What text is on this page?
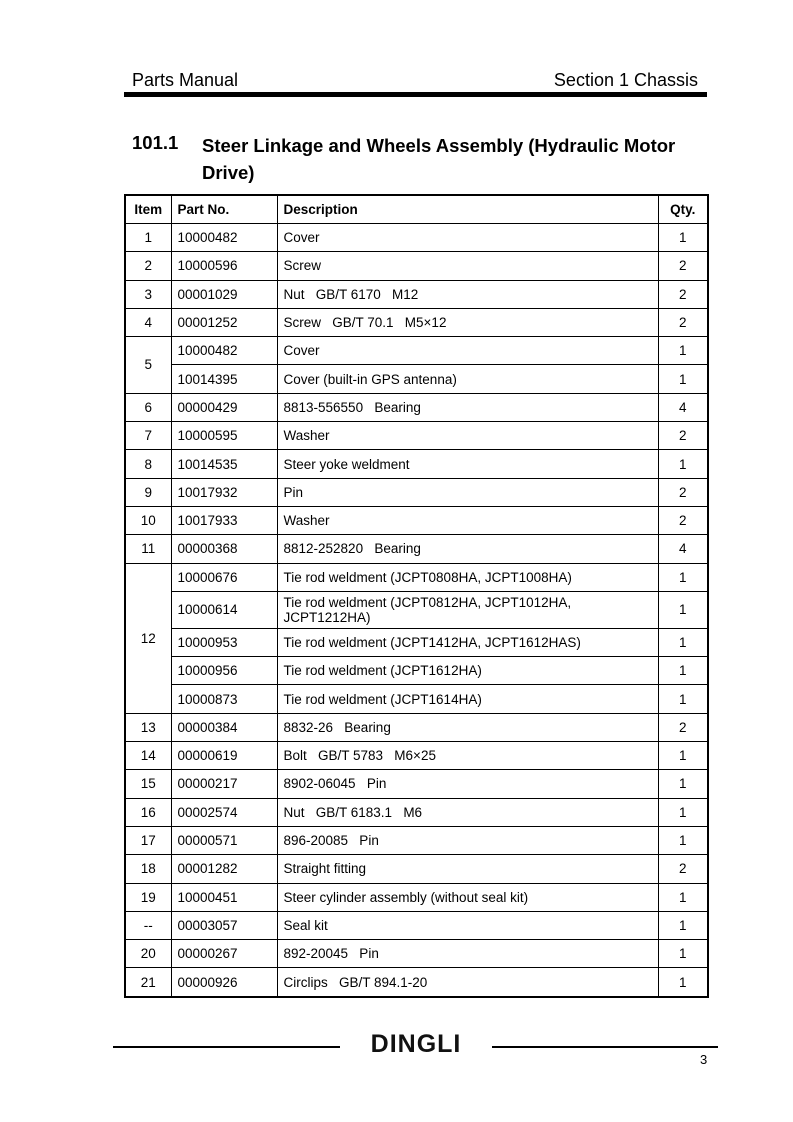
Parts Manual	Section 1 Chassis
101.1 Steer Linkage and Wheels Assembly (Hydraulic Motor Drive)
Item	Part No.	Description	Qty.
1	10000482	Cover	1
2	10000596	Screw	2
3	00001029	Nut   GB/T 6170   M12	2
4	00001252	Screw   GB/T 70.1   M5×12	2
5	10000482	Cover	1
	10014395	Cover (built-in GPS antenna)	1
6	00000429	8813-556550   Bearing	4
7	10000595	Washer	2
8	10014535	Steer yoke weldment	1
9	10017932	Pin	2
10	10017933	Washer	2
11	00000368	8812-252820   Bearing	4
12	10000676	Tie rod weldment (JCPT0808HA, JCPT1008HA)	1
	10000614	Tie rod weldment (JCPT0812HA, JCPT1012HA, JCPT1212HA)	1
	10000953	Tie rod weldment (JCPT1412HA, JCPT1612HAS)	1
	10000956	Tie rod weldment (JCPT1612HA)	1
	10000873	Tie rod weldment (JCPT1614HA)	1
13	00000384	8832-26   Bearing	2
14	00000619	Bolt   GB/T 5783   M6×25	1
15	00000217	8902-06045   Pin	1
16	00002574	Nut   GB/T 6183.1   M6	1
17	00000571	896-20085   Pin	1
18	00001282	Straight fitting	2
19	10000451	Steer cylinder assembly (without seal kit)	1
--	00003057	Seal kit	1
20	00000267	892-20045   Pin	1
21	00000926	Circlips   GB/T 894.1-20	1
DINGLI
3
